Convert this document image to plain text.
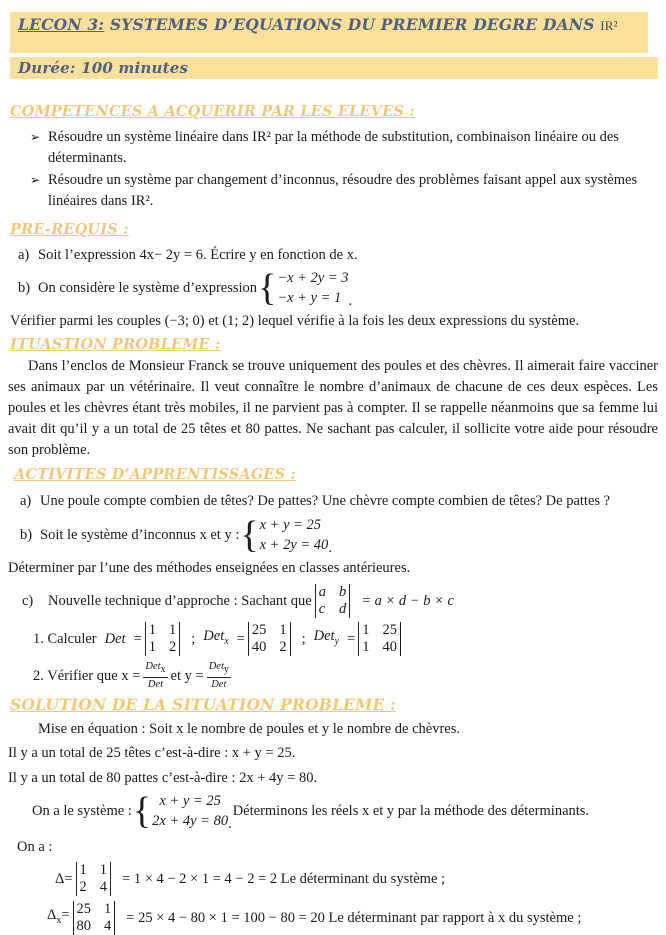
LECON 3: SYSTEMES D’EQUATIONS DU PREMIER DEGRE DANS IR²
Durée: 100 minutes
COMPETENCES A ACQUERIR PAR LES ELEVES :
➢ Résoudre un système linéaire dans IR² par la méthode de substitution, combinaison linéaire ou des déterminants.
➢ Résoudre un système par changement d’inconnus, résoudre des problèmes faisant appel aux systèmes linéaires dans IR².
PRE-REQUIS :
a) Soit l’expression 4x− 2y = 6. Écrire y en fonction de x.
b) On considère le système d’expression { −x + 2y = 3
−x + y = 1 .
Vérifier parmi les couples (−3; 0) et (1; 2) lequel vérifie à la fois les deux expressions du système.
ITUASTION PROBLEME :
Dans l’enclos de Monsieur Franck se trouve uniquement des poules et des chèvres. Il aimerait faire vacciner ses animaux par un vétérinaire. Il veut connaître le nombre d’animaux de chacune de ces deux espèces. Les poules et les chèvres étant très mobiles, il ne parvient pas à compter. Il se rappelle néanmoins que sa femme lui avait dit qu’il y a un total de 25 têtes et 80 pattes. Ne sachant pas calculer, il sollicite votre aide pour résoudre son problème.
ACTIVITES D’APPRENTISSAGES :
a) Une poule compte combien de têtes? De pattes? Une chèvre compte combien de têtes? De pattes ?
b) Soit le système d’inconnus x et y : { x + y = 25
x + 2y = 40 .
Déterminer par l’une des méthodes enseignées en classes antérieures.
c)	Nouvelle technique d’approche : Sachant que
a b
c d
= a × d − b × c
1. Calculer Det =
1 1
1 2
; Det$_x$ =
25 1
40 2
; Det$_y$ =
1 25
1 40
2. Vérifier que $x = \frac{Det_x}{\text{Det}}$ et $y = \frac{Det_y}{\text{Det}}$
SOLUTION DE LA SITUATION PROBLEME :
Mise en équation : Soit x le nombre de poules et y le nombre de chèvres.
Il y a un total de 25 têtes c’est-à-dire : x + y = 25.
Il y a un total de 80 pattes c’est-à-dire : 2x + 4y = 80.
On a le système : { x + y = 25
2x + 4y = 80 .
Déterminons les réels x et y par la méthode des déterminants.
On a :
Δ=
1 1
2 4
= 1 × 4 − 2 × 1 = 4 − 2 = 2 Le déterminant du système ;
$\Delta_x= 25$ 1
80 4
= 25 × 4 − 80 × 1 = 100 − 80 = 20 Le déterminant par rapport à x du système ;
